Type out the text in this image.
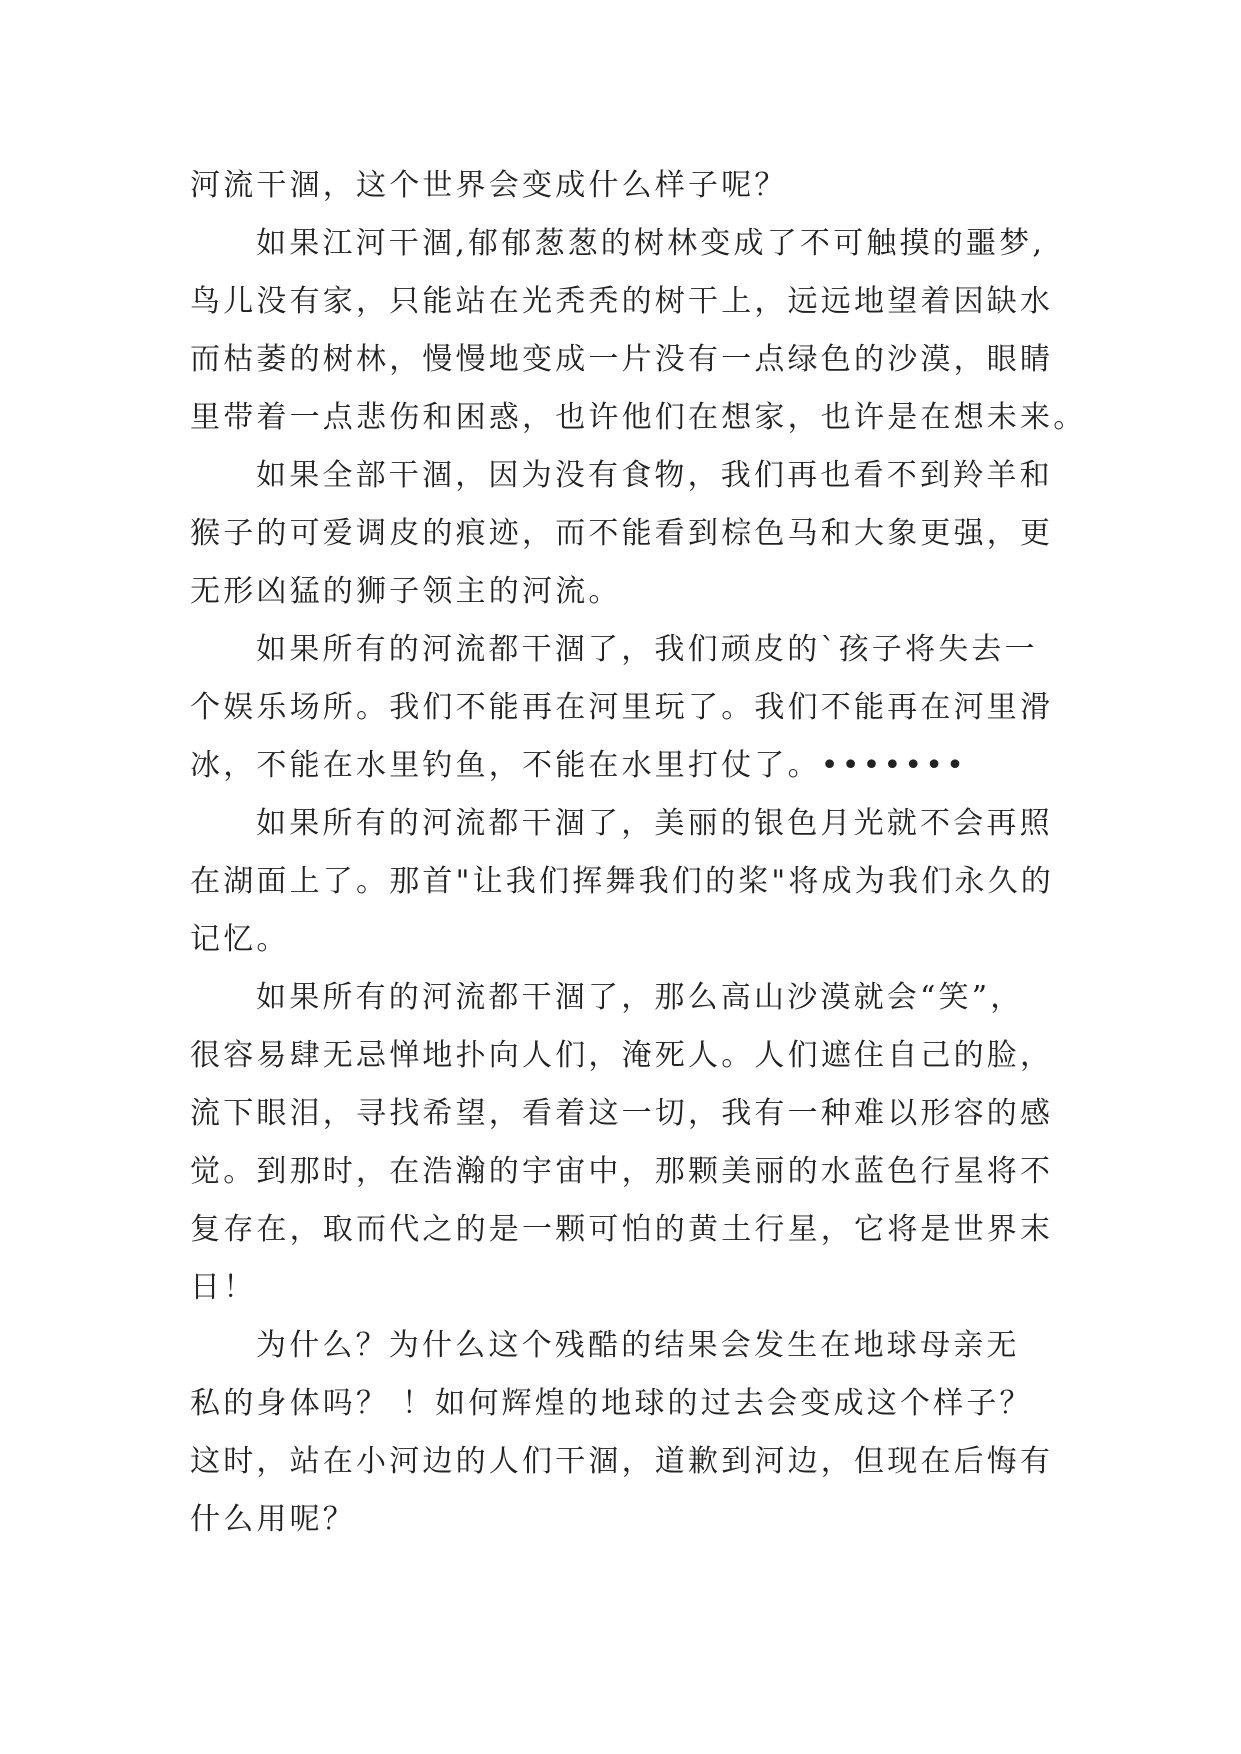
河流干涸，这个世界会变成什么样子呢？
如果江河干涸,郁郁葱葱的树林变成了不可触摸的噩梦,
鸟儿没有家，只能站在光秃秃的树干上，远远地望着因缺水
而枯萎的树林，慢慢地变成一片没有一点绿色的沙漠，眼睛
里带着一点悲伤和困惑，也许他们在想家，也许是在想未来。
如果全部干涸，因为没有食物，我们再也看不到羚羊和
猴子的可爱调皮的痕迹，而不能看到棕色马和大象更强，更
无形凶猛的狮子领主的河流。
如果所有的河流都干涸了，我们顽皮的`孩子将失去一
个娱乐场所。我们不能再在河里玩了。我们不能再在河里滑
冰，不能在水里钓鱼，不能在水里打仗了。•••••••
如果所有的河流都干涸了，美丽的银色月光就不会再照
在湖面上了。那首"让我们挥舞我们的桨"将成为我们永久的
记忆。
如果所有的河流都干涸了，那么高山沙漠就会“笑”，
很容易肆无忌惮地扑向人们，淹死人。人们遮住自己的脸，
流下眼泪，寻找希望，看着这一切，我有一种难以形容的感
觉。到那时，在浩瀚的宇宙中，那颗美丽的水蓝色行星将不
复存在，取而代之的是一颗可怕的黄土行星，它将是世界末
日！
为什么？为什么这个残酷的结果会发生在地球母亲无
私的身体吗？ ！如何辉煌的地球的过去会变成这个样子？
这时，站在小河边的人们干涸，道歉到河边，但现在后悔有
什么用呢？
